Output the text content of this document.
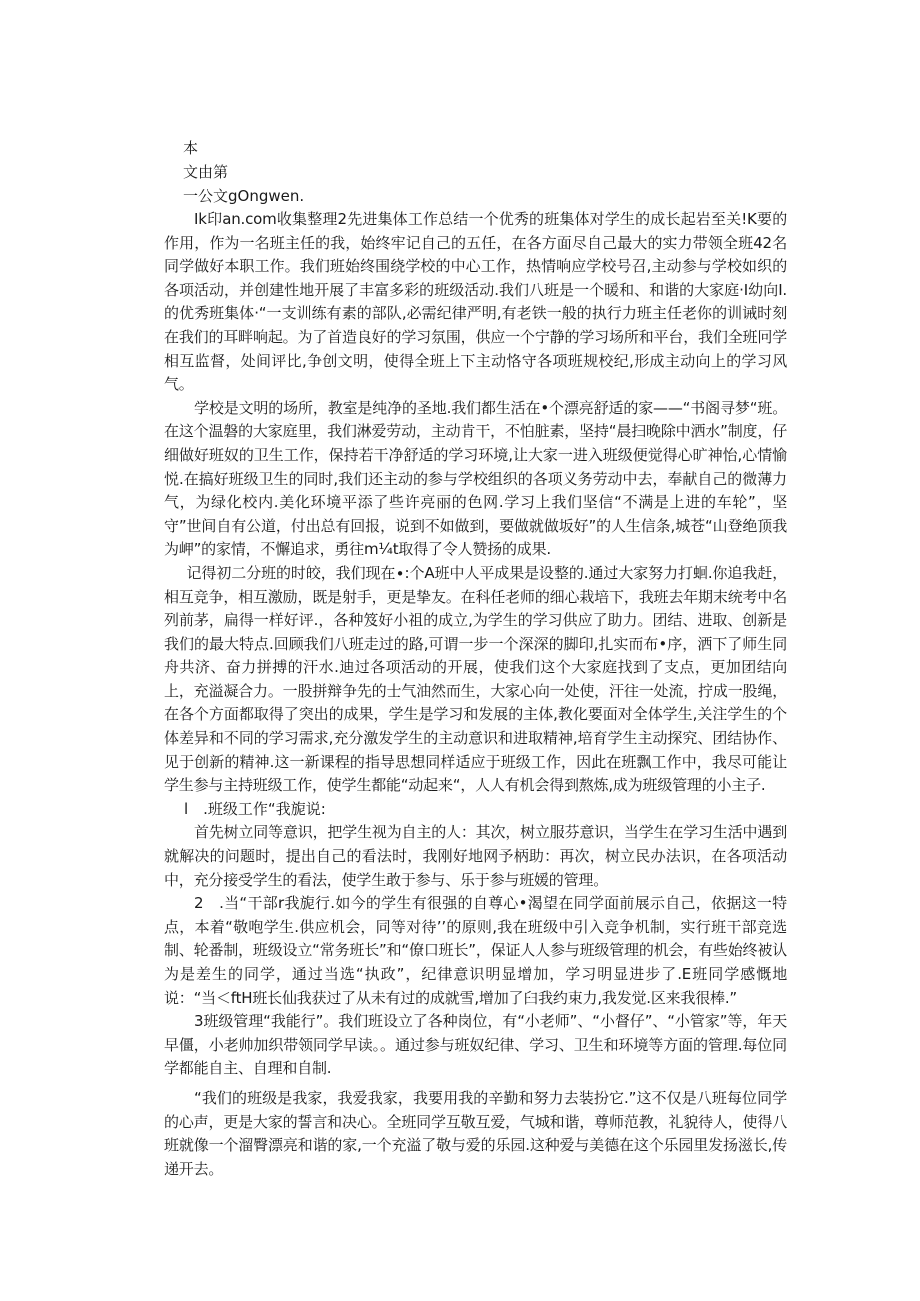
本

文由第

一公文gOngwen.

Ik印an.com收集整理2先进集体工作总结一个优秀的班集体对学生的成长起岩至关!K要的作用，作为一名班主任的我，始终牢记自己的五任，在各方面尽自己最大的实力带领全班42名同学做好本职工作。我们班始终围绕学校的中心工作，热情响应学校号召,主动参与学校如织的各项活动，并创建性地开展了丰富多彩的班级活动.我们八班是一个暖和、和谐的大家庭·I幼向I.的优秀班集体·“一支训练有素的部队,必需纪律严明,有老铁一般的执行力班主任老你的训诫时刻在我们的耳畔响起。为了首造良好的学习氛围，供应一个宁静的学习场所和平台，我们全班冋学相互监督，处间评比,争创文明，使得全班上下主动恪守各项班规校纪,形成主动向上的学习风气。

学校是文明的场所，教室是纯净的圣地.我们都生活在•个漂亮舒适的家——“书阁寻梦“班。在这个温磐的大家庭里，我们淋爱劳动，主动肯干，不怕脏素，坚持“晨扫晚除中洒水”制度，仔细做好班奴的卫生工作，保持若干净舒适的学习环境,让大家一进入班级便觉得心旷神怡,心情愉悦.在搞好班级卫生的同时,我们还主动的参与学校组织的各项义务劳动中去，奉献自己的微薄力气，为绿化校内.美化环境平添了些许亮丽的色网.学习上我们坚信“不满是上进的车轮”，坚守”世间自有公道，付出总有回报，说到不如做到，要做就做坂好”的人生信条,城苍“山登绝顶我为岬”的家情，不懈追求，勇往m¼t取得了令人赞扬的成果.

记得初二分班的时皎，我们现在∙:个A班中人平成果是设整的.通过大家努力打蛔.你追我赶，相互竞争，相互激励，既是射手，更是挚友。在科任老师的细心栽培下，我班去年期末统考中名列前茅，扁得一样好评.，各种笈好小祖的成立,为学生的学习供应了助力。团结、进取、创新是我们的最大特点.回顾我们八班走过的路,可谓一步一个深深的脚印,扎实而布•序，洒下了师生同舟共济、奋力拼搏的汗水.迪过各项活动的开展，使我们这个大家庭找到了支点，更加团结向上，充溢凝合力。一股拼辩争先的士气油然而生，大家心向一处使，汗往一处流，拧成一股绳，在各个方面都取得了突出的成果，学生是学习和发展的主体,教化要面对全体学生,关注学生的个体差异和不同的学习需求,充分激发学生的主动意识和进取精神,培育学生主动探究、团结协作、见于创新的精神.这一新课程的指导思想同样适应于班级工作，因此在班飘工作中，我尽可能让学生参与主持班级工作，使学生都能“动起来“，人人有机会得到熬炼,成为班级管理的小主子.

l　.班级工作“我旎说:

首先树立同等意识，把学生视为自主的人：其次，树立服芬意识，当学生在学习生活中遇到就解决的问题时，提出自己的看法时，我刚好地网予柄助：再次，树立民办法识，在各项活动中，充分接受学生的看法，使学生敢于参与、乐于参与班媛的管理。

2　.当“干部r我旎行.如今的学生有很强的自尊心•渴望在同学面前展示自己，依据这一特点，本着“敬咆学生.供应机会，同等对待’’的原则,我在班级中引入竞争机制，实行班干部竞选制、轮番制，班级设立“常务班长”和“僚口班长”，保证人人参与班级管理的机会，有些始终被认为是差生的同学，通过当选“执政”，纪律意识明显增加，学习明显进步了.E班同学感慨地说：“当＜ftH班长仙我获过了从未有过的成就雪,增加了臼我约束力,我发觉.区来我很棒.”

3班级管理“我能行”。我们班设立了各种岗位，有“小老师”、“小督仔”、“小管家”等，年天早僵，小老帅加织带领同学早读。。通过参与班奴纪律、学习、卫生和环境等方面的管理.每位同学都能自主、自理和自制.

“我们的班级是我家，我爱我家，我要用我的辛勤和努力去装扮它.”这不仅是八班每位同学的心声，更是大家的誓言和决心。全班同学互敬互爱，气城和谐，尊师范教，礼貌待人，使得八班就像一个溜臀漂亮和谐的家,一个充溢了敬与爱的乐园.这种爱与美德在这个乐园里发扬滋长,传递开去。
